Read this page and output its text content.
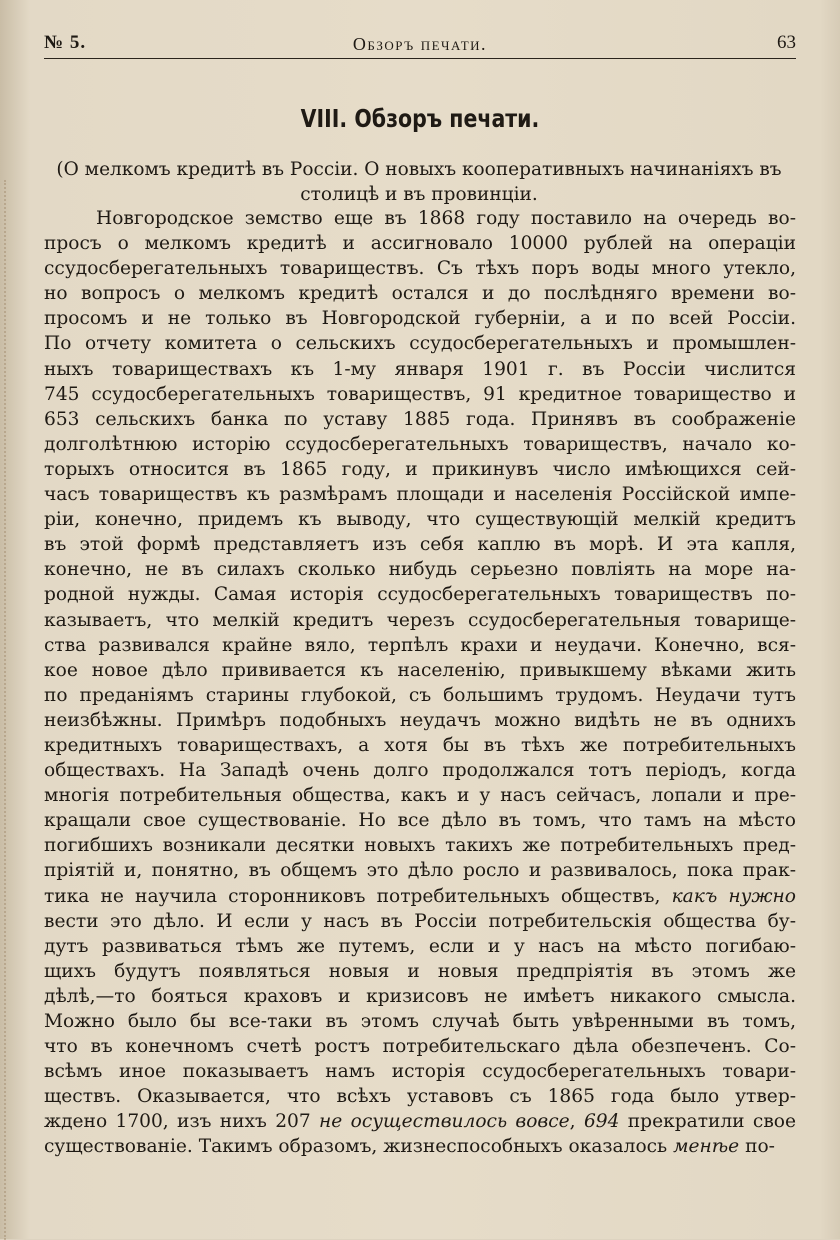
№ 5.	Обзоръ печати.	63
VIII. Обзоръ печати.
(О мелкомъ кредитѣ въ Россіи. О новыхъ кооперативныхъ начинаніяхъ въ
столицѣ и въ провинціи.
Новгородское земство еще въ 1868 году поставило на очередь во-
просъ о мелкомъ кредитѣ и ассигновало 10000 рублей на операціи
ссудосберегательныхъ товариществъ. Съ тѣхъ поръ воды много утекло,
но вопросъ о мелкомъ кредитѣ остался и до послѣдняго времени во-
просомъ и не только въ Новгородской губерніи, а и по всей Россіи.
По отчету комитета о сельскихъ ссудосберегательныхъ и промышлен-
ныхъ товариществахъ къ 1-му января 1901 г. въ Россіи числится
745 ссудосберегательныхъ товариществъ, 91 кредитное товарищество и
653 сельскихъ банка по уставу 1885 года. Принявъ въ соображеніе
долголѣтнюю исторію ссудосберегательныхъ товариществъ, начало ко-
торыхъ относится въ 1865 году, и прикинувъ число имѣющихся сей-
часъ товариществъ къ размѣрамъ площади и населенія Россійской импе-
ріи, конечно, придемъ къ выводу, что существующій мелкій кредитъ
въ этой формѣ представляетъ изъ себя каплю въ морѣ. И эта капля,
конечно, не въ силахъ сколько нибудь серьезно повліять на море на-
родной нужды. Самая исторія ссудосберегательныхъ товариществъ по-
казываетъ, что мелкій кредитъ черезъ ссудосберегательныя товарище-
ства развивался крайне вяло, терпѣлъ крахи и неудачи. Конечно, вся-
кое новое дѣло прививается къ населенію, привыкшему вѣками жить
по преданіямъ старины глубокой, съ большимъ трудомъ. Неудачи тутъ
неизбѣжны. Примѣръ подобныхъ неудачъ можно видѣть не въ однихъ
кредитныхъ товариществахъ, а хотя бы въ тѣхъ же потребительныхъ
обществахъ. На Западѣ очень долго продолжался тотъ періодъ, когда
многія потребительныя общества, какъ и у насъ сейчасъ, лопали и пре-
кращали свое существованіе. Но все дѣло въ томъ, что тамъ на мѣсто
погибшихъ возникали десятки новыхъ такихъ же потребительныхъ пред-
пріятій и, понятно, въ общемъ это дѣло росло и развивалось, пока прак-
тика не научила сторонниковъ потребительныхъ обществъ, какъ нужно
вести это дѣло. И если у насъ въ Россіи потребительскія общества бу-
дутъ развиваться тѣмъ же путемъ, если и у насъ на мѣсто погибаю-
щихъ будутъ появляться новыя и новыя предпріятія въ этомъ же
дѣлѣ,—то бояться краховъ и кризисовъ не имѣетъ никакого смысла.
Можно было бы все-таки въ этомъ случаѣ быть увѣренными въ томъ,
что въ конечномъ счетѣ ростъ потребительскаго дѣла обезпеченъ. Со-
всѣмъ иное показываетъ намъ исторія ссудосберегательныхъ товари-
ществъ. Оказывается, что всѣхъ уставовъ съ 1865 года было утвер-
ждено 1700, изъ нихъ 207 не осуществилось вовсе, 694 прекратили свое
существованіе. Такимъ образомъ, жизнеспособныхъ оказалось менѣе по-
